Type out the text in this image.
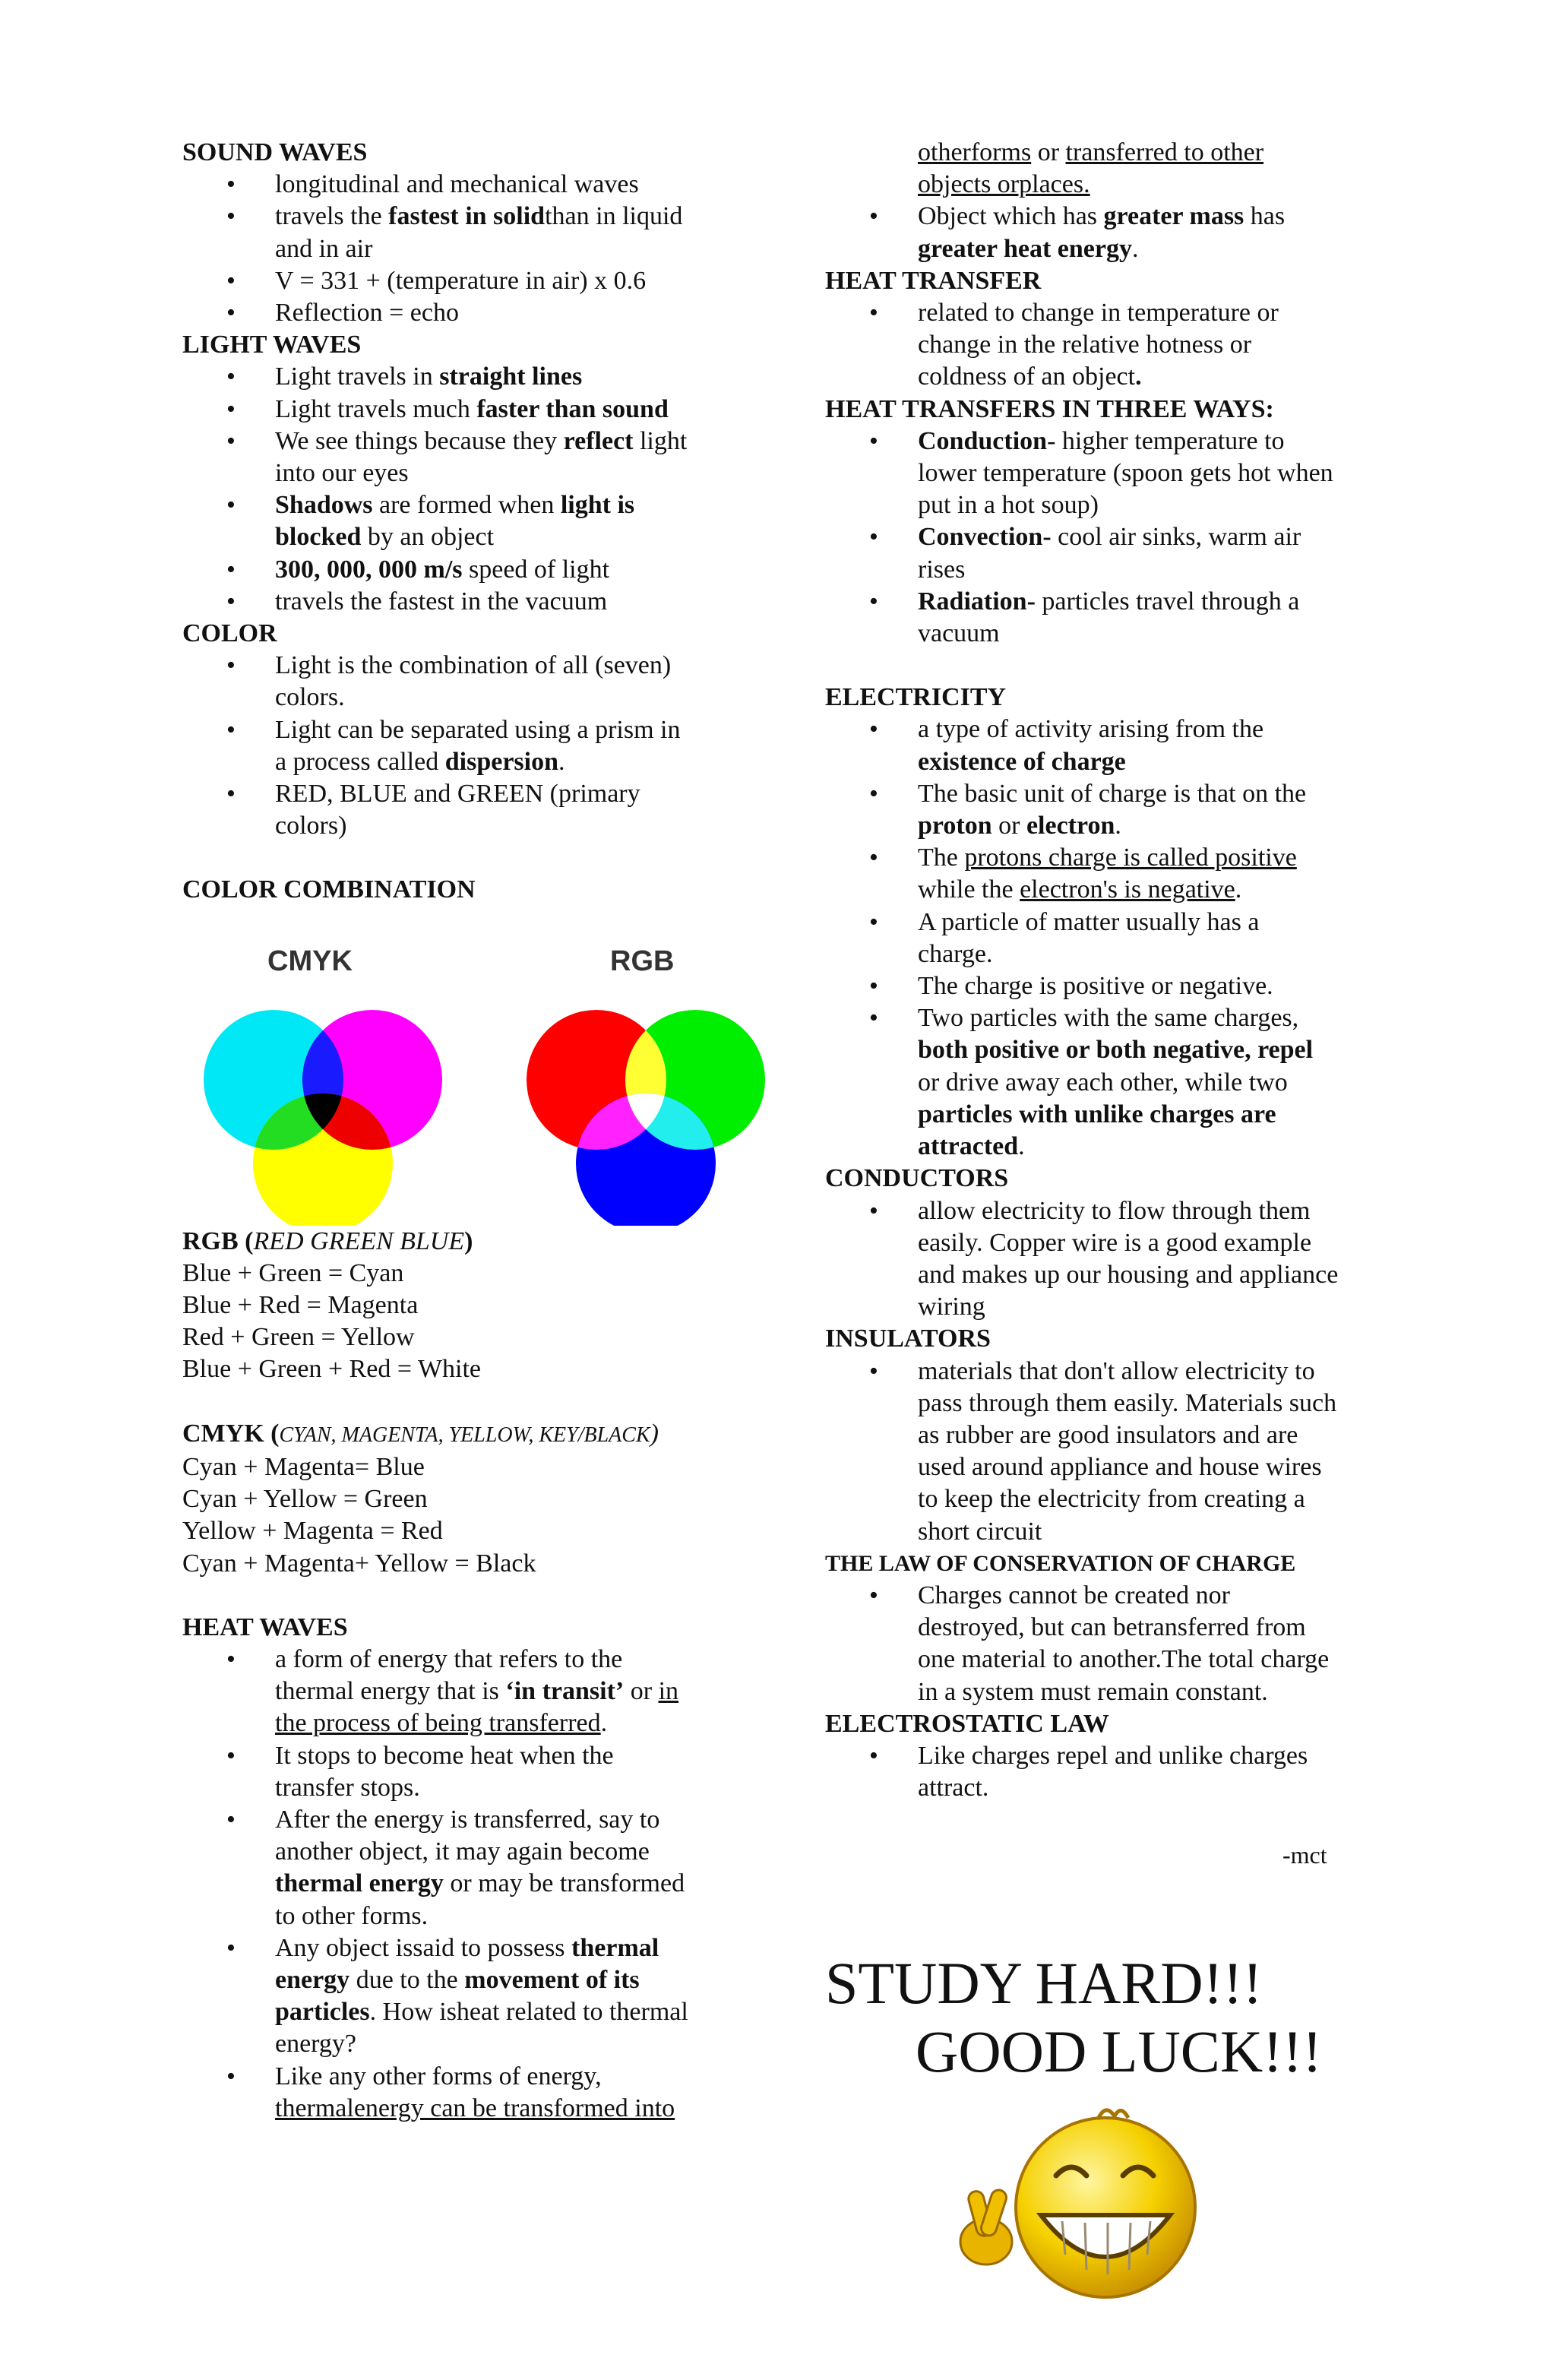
SOUND WAVES
• longitudinal and mechanical waves
• travels the fastest in solidthan in liquid
and in air
• V = 331 + (temperature in air) x 0.6
• Reflection = echo
LIGHT WAVES
• Light travels in straight lines
• Light travels much faster than sound
• We see things because they reflect light
into our eyes
• Shadows are formed when light is
blocked by an object
• 300, 000, 000 m/s speed of light
• travels the fastest in the vacuum
COLOR
• Light is the combination of all (seven)
colors.
• Light can be separated using a prism in
a process called dispersion.
• RED, BLUE and GREEN (primary
colors)
COLOR COMBINATION
CMYK	RGB
RGB (RED GREEN BLUE)
Blue + Green = Cyan
Blue + Red = Magenta
Red + Green = Yellow
Blue + Green + Red = White
CMYK (CYAN, MAGENTA, YELLOW, KEY/BLACK)
Cyan + Magenta= Blue
Cyan + Yellow = Green
Yellow + Magenta = Red
Cyan + Magenta+ Yellow = Black
HEAT WAVES
• a form of energy that refers to the
thermal energy that is ‘in transit’ or in
the process of being transferred.
• It stops to become heat when the
transfer stops.
• After the energy is transferred, say to
another object, it may again become
thermal energy or may be transformed
to other forms.
• Any object issaid to possess thermal
energy due to the movement of its
particles. How isheat related to thermal
energy?
• Like any other forms of energy,
thermalenergy can be transformed into
otherforms or transferred to other
objects orplaces.
• Object which has greater mass has
greater heat energy.
HEAT TRANSFER
• related to change in temperature or
change in the relative hotness or
coldness of an object.
HEAT TRANSFERS IN THREE WAYS:
• Conduction- higher temperature to
lower temperature (spoon gets hot when
put in a hot soup)
• Convection- cool air sinks, warm air
rises
• Radiation- particles travel through a
vacuum
ELECTRICITY
• a type of activity arising from the
existence of charge
• The basic unit of charge is that on the
proton or electron.
• The protons charge is called positive
while the electron's is negative.
• A particle of matter usually has a
charge.
• The charge is positive or negative.
• Two particles with the same charges,
both positive or both negative, repel
or drive away each other, while two
particles with unlike charges are
attracted.
CONDUCTORS
• allow electricity to flow through them
easily. Copper wire is a good example
and makes up our housing and appliance
wiring
INSULATORS
• materials that don't allow electricity to
pass through them easily. Materials such
as rubber are good insulators and are
used around appliance and house wires
to keep the electricity from creating a
short circuit
THE LAW OF CONSERVATION OF CHARGE
• Charges cannot be created nor
destroyed, but can betransferred from
one material to another.The total charge
in a system must remain constant.
ELECTROSTATIC LAW
• Like charges repel and unlike charges
attract.
-mct
STUDY HARD!!!
GOOD LUCK!!!
